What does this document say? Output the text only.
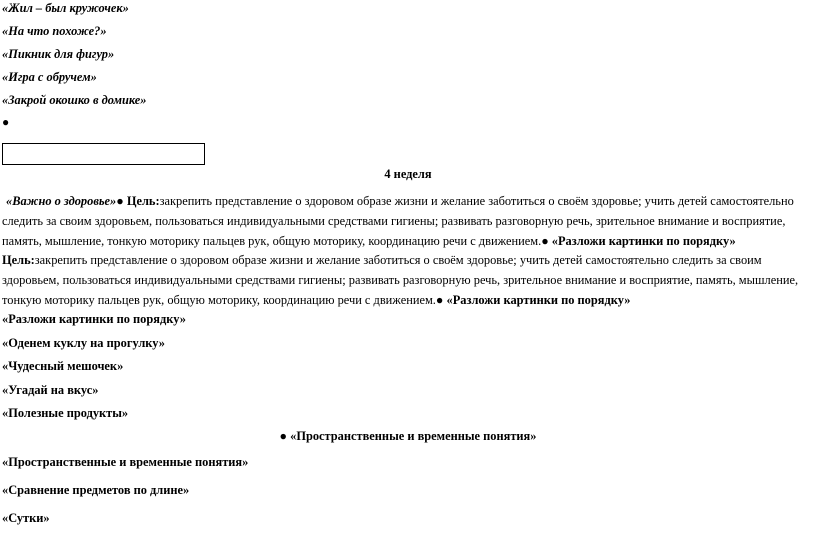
«Жил – был кружочек»
«На что похоже?»
«Пикник для фигур»
«Игра с обручем»
«Закрой окошко в домике»
●
4 неделя
«Важно о здоровье»● Цель:закрепить представление о здоровом образе жизни и желание заботиться о своём здоровье; учить детей самостоятельно следить за своим здоровьем, пользоваться индивидуальными средствами гигиены; развивать разговорную речь, зрительное внимание и восприятие, память, мышление, тонкую моторику пальцев рук, общую моторику, координацию речи с движением.● «Разложи картинки по порядку»
Цель:закрепить представление о здоровом образе жизни и желание заботиться о своём здоровье; учить детей самостоятельно следить за своим здоровьем, пользоваться индивидуальными средствами гигиены; развивать разговорную речь, зрительное внимание и восприятие, память, мышление, тонкую моторику пальцев рук, общую моторику, координацию речи с движением.● «Разложи картинки по порядку»
«Разложи картинки по порядку»
«Оденем куклу на прогулку»
«Чудесный мешочек»
«Угадай на вкус»
«Полезные продукты»
● «Пространственные и временные понятия»
«Пространственные и временные понятия»
«Сравнение предметов по длине»
«Сутки»
